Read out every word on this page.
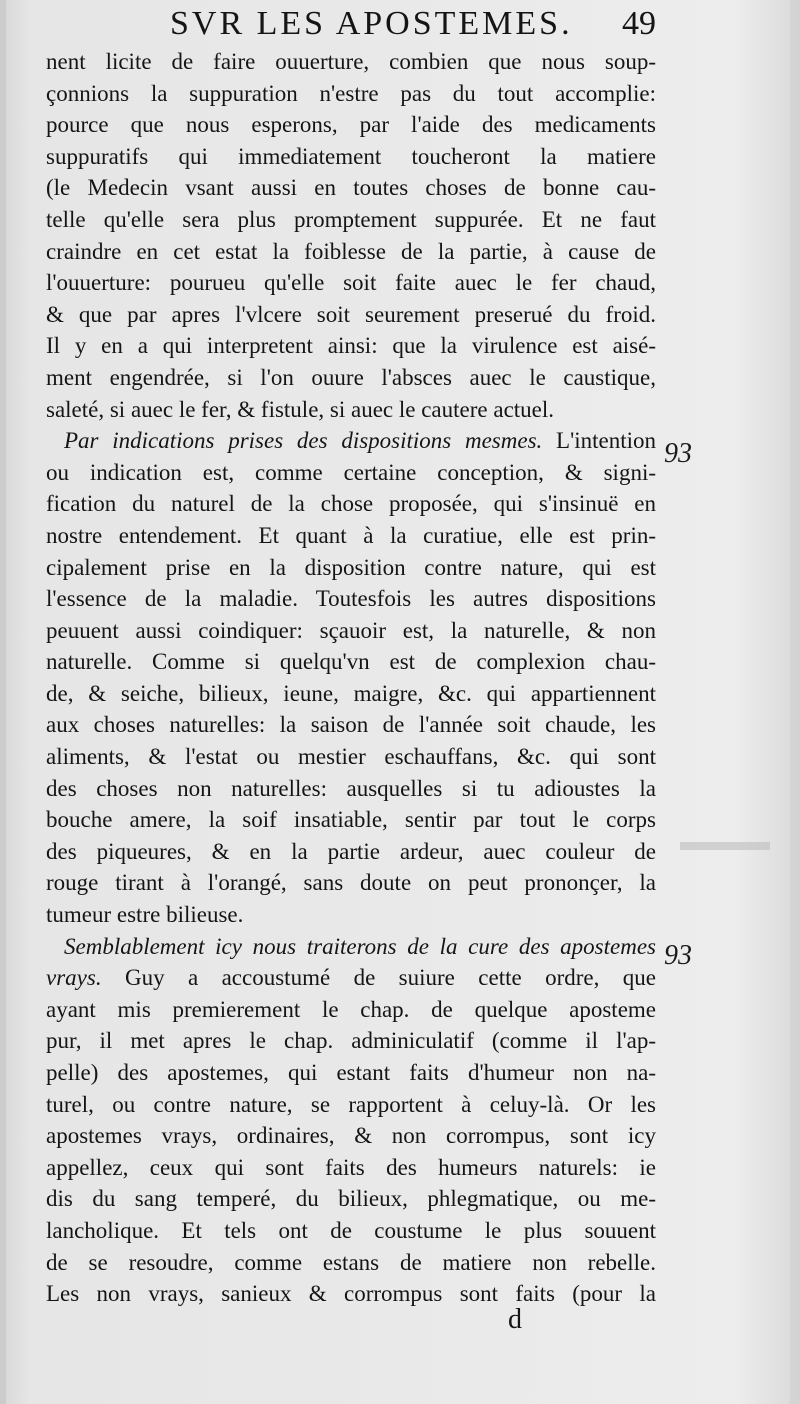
SVR LES APOSTEMES.	49
nent licite de faire ouuerture, combien que nous soup-
çonnions la suppuration n'estre pas du tout accomplie:
pource que nous esperons, par l'aide des medicaments
suppuratifs qui immediatement toucheront la matiere
(le Medecin vsant aussi en toutes choses de bonne cau-
telle qu'elle sera plus promptement suppurée. Et ne faut
craindre en cet estat la foiblesse de la partie, à cause de
l'ouuerture: pourueu qu'elle soit faite auec le fer chaud,
& que par apres l'vlcere soit seurement preserué du froid.
Il y en a qui interpretent ainsi: que la virulence est aisé-
ment engendrée, si l'on ouure l'absces auec le caustique,
saleté, si auec le fer, & fistule, si auec le cautere actuel.
Par indications prises des dispositions mesmes. L'intention
ou indication est, comme certaine conception, & signi-
fication du naturel de la chose proposée, qui s'insinuë en
nostre entendement. Et quant à la curatiue, elle est prin-
cipalement prise en la disposition contre nature, qui est
l'essence de la maladie. Toutesfois les autres dispositions
peuuent aussi coindiquer: sçauoir est, la naturelle, & non
naturelle. Comme si quelqu'vn est de complexion chau-
de, & seiche, bilieux, ieune, maigre, &c. qui appartiennent
aux choses naturelles: la saison de l'année soit chaude, les
aliments, & l'estat ou mestier eschauffans, &c. qui sont
des choses non naturelles: ausquelles si tu adioustes la
bouche amere, la soif insatiable, sentir par tout le corps
des piqueures, & en la partie ardeur, auec couleur de
rouge tirant à l'orangé, sans doute on peut prononçer, la
tumeur estre bilieuse.
Semblablement icy nous traiterons de la cure des apostemes
vrays. Guy a accoustumé de suiure cette ordre, que
ayant mis premierement le chap. de quelque aposteme
pur, il met apres le chap. adminiculatif (comme il l'ap-
pelle) des apostemes, qui estant faits d'humeur non na-
turel, ou contre nature, se rapportent à celuy-là. Or les
apostemes vrays, ordinaires, & non corrompus, sont icy
appellez, ceux qui sont faits des humeurs naturels: ie
dis du sang temperé, du bilieux, phlegmatique, ou me-
lancholique. Et tels ont de coustume le plus souuent
de se resoudre, comme estans de matiere non rebelle.
Les non vrays, sanieux & corrompus sont faits (pour la
93
93
d
